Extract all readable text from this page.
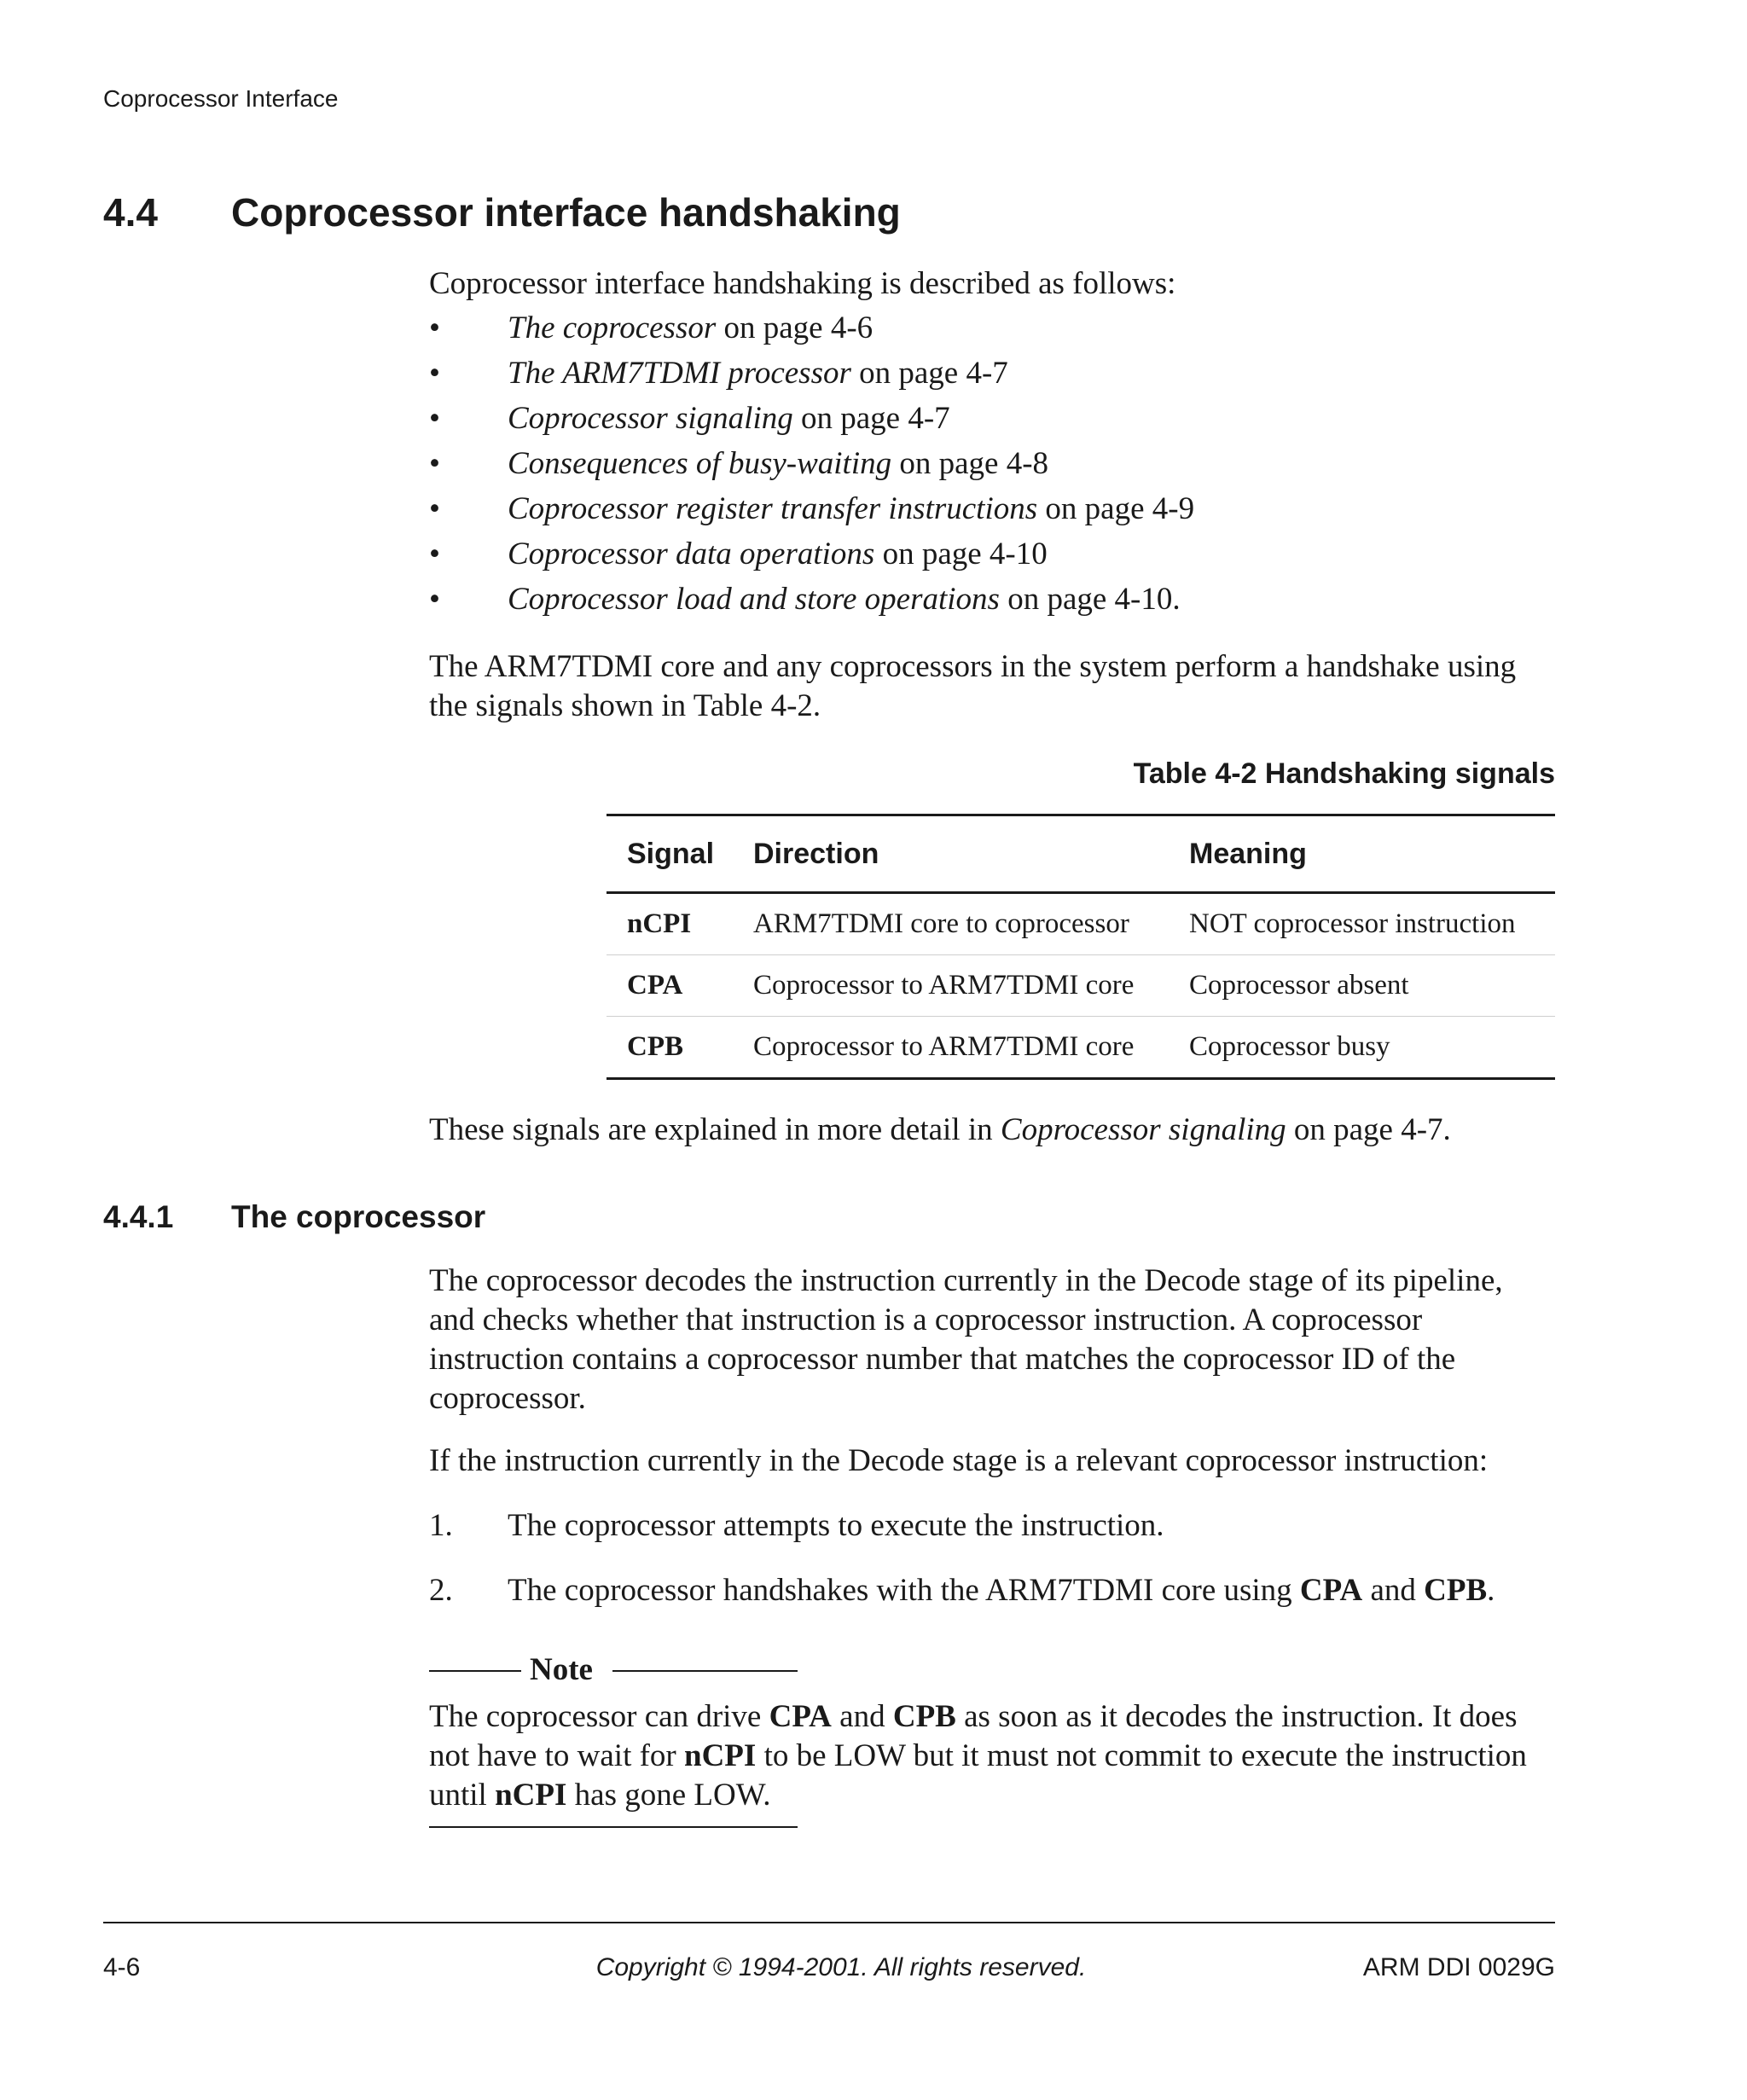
Coprocessor Interface
4.4 Coprocessor interface handshaking

Coprocessor interface handshaking is described as follows:

• The coprocessor on page 4-6
• The ARM7TDMI processor on page 4-7
• Coprocessor signaling on page 4-7
• Consequences of busy-waiting on page 4-8
• Coprocessor register transfer instructions on page 4-9
• Coprocessor data operations on page 4-10
• Coprocessor load and store operations on page 4-10.

The ARM7TDMI core and any coprocessors in the system perform a handshake using the signals shown in Table 4-2.

Table 4-2 Handshaking signals
Signal	Direction	Meaning
nCPI	ARM7TDMI core to coprocessor	NOT coprocessor instruction
CPA	Coprocessor to ARM7TDMI core	Coprocessor absent
CPB	Coprocessor to ARM7TDMI core	Coprocessor busy

These signals are explained in more detail in Coprocessor signaling on page 4-7.

4.4.1 The coprocessor

The coprocessor decodes the instruction currently in the Decode stage of its pipeline, and checks whether that instruction is a coprocessor instruction. A coprocessor instruction contains a coprocessor number that matches the coprocessor ID of the coprocessor.

If the instruction currently in the Decode stage is a relevant coprocessor instruction:

1. The coprocessor attempts to execute the instruction.
2. The coprocessor handshakes with the ARM7TDMI core using CPA and CPB.
Note

The coprocessor can drive CPA and CPB as soon as it decodes the instruction. It does not have to wait for nCPI to be LOW but it must not commit to execute the instruction until nCPI has gone LOW.

4-6	Copyright © 1994-2001. All rights reserved.	ARM DDI 0029G
